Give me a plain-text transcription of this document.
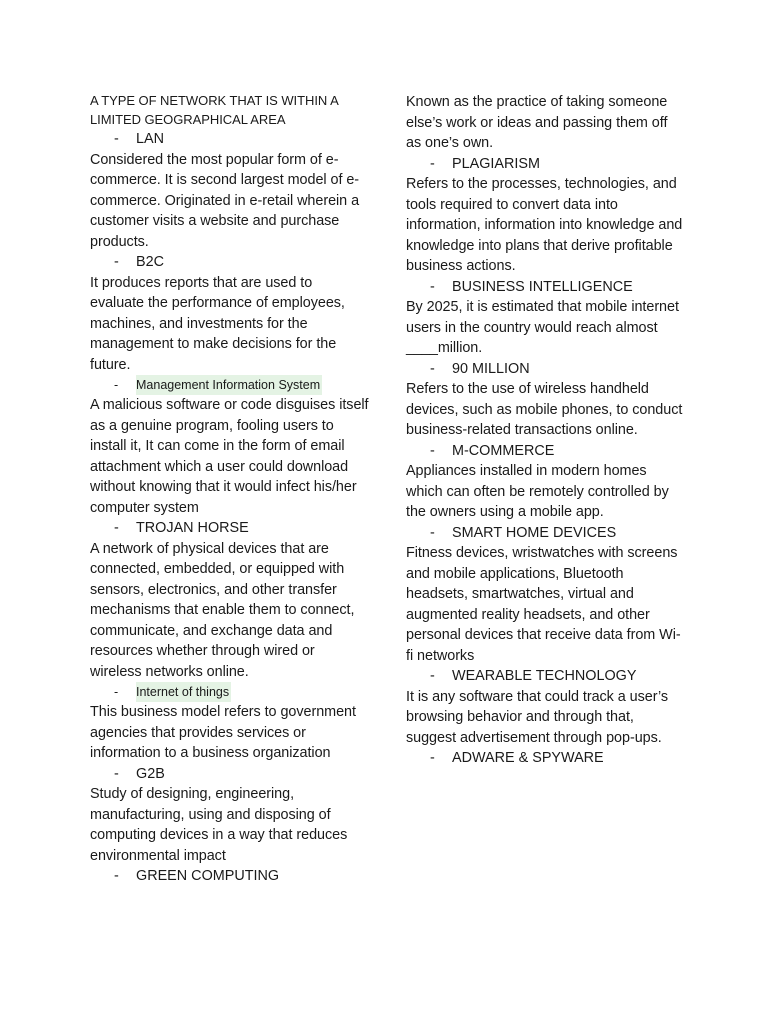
A TYPE OF NETWORK THAT IS WITHIN A LIMITED GEOGRAPHICAL AREA

-	LAN

Considered the most popular form of e-commerce. It is second largest model of e-commerce. Originated in e-retail wherein a customer visits a website and purchase products.

-	B2C

It produces reports that are used to evaluate the performance of employees, machines, and investments for the management to make decisions for the future.

-	Management Information System

A malicious software or code disguises itself as a genuine program, fooling users to install it, It can come in the form of email attachment which a user could download without knowing that it would infect his/her computer system

-	TROJAN HORSE

A network of physical devices that are connected, embedded, or equipped with sensors, electronics, and other transfer mechanisms that enable them to connect, communicate, and exchange data and resources whether through wired or wireless networks online.

-	Internet of things

This business model refers to government agencies that provides services or information to a business organization

-	G2B

Study of designing, engineering, manufacturing, using and disposing of computing devices in a way that reduces environmental impact

-	GREEN COMPUTING

Known as the practice of taking someone else’s work or ideas and passing them off as one’s own.

-	PLAGIARISM

Refers to the processes, technologies, and tools required to convert data into information, information into knowledge and knowledge into plans that derive profitable business actions.

-	BUSINESS INTELLIGENCE

By 2025, it is estimated that mobile internet users in the country would reach almost ____million.

-	90 MILLION

Refers to the use of wireless handheld devices, such as mobile phones, to conduct business-related transactions online.

-	M-COMMERCE

Appliances installed in modern homes which can often be remotely controlled by the owners using a mobile app.

-	SMART HOME DEVICES

Fitness devices, wristwatches with screens and mobile applications, Bluetooth headsets, smartwatches, virtual and augmented reality headsets, and other personal devices that receive data from Wi-fi networks

-	WEARABLE TECHNOLOGY

It is any software that could track a user’s browsing behavior and through that, suggest advertisement through pop-ups.

-	ADWARE & SPYWARE
